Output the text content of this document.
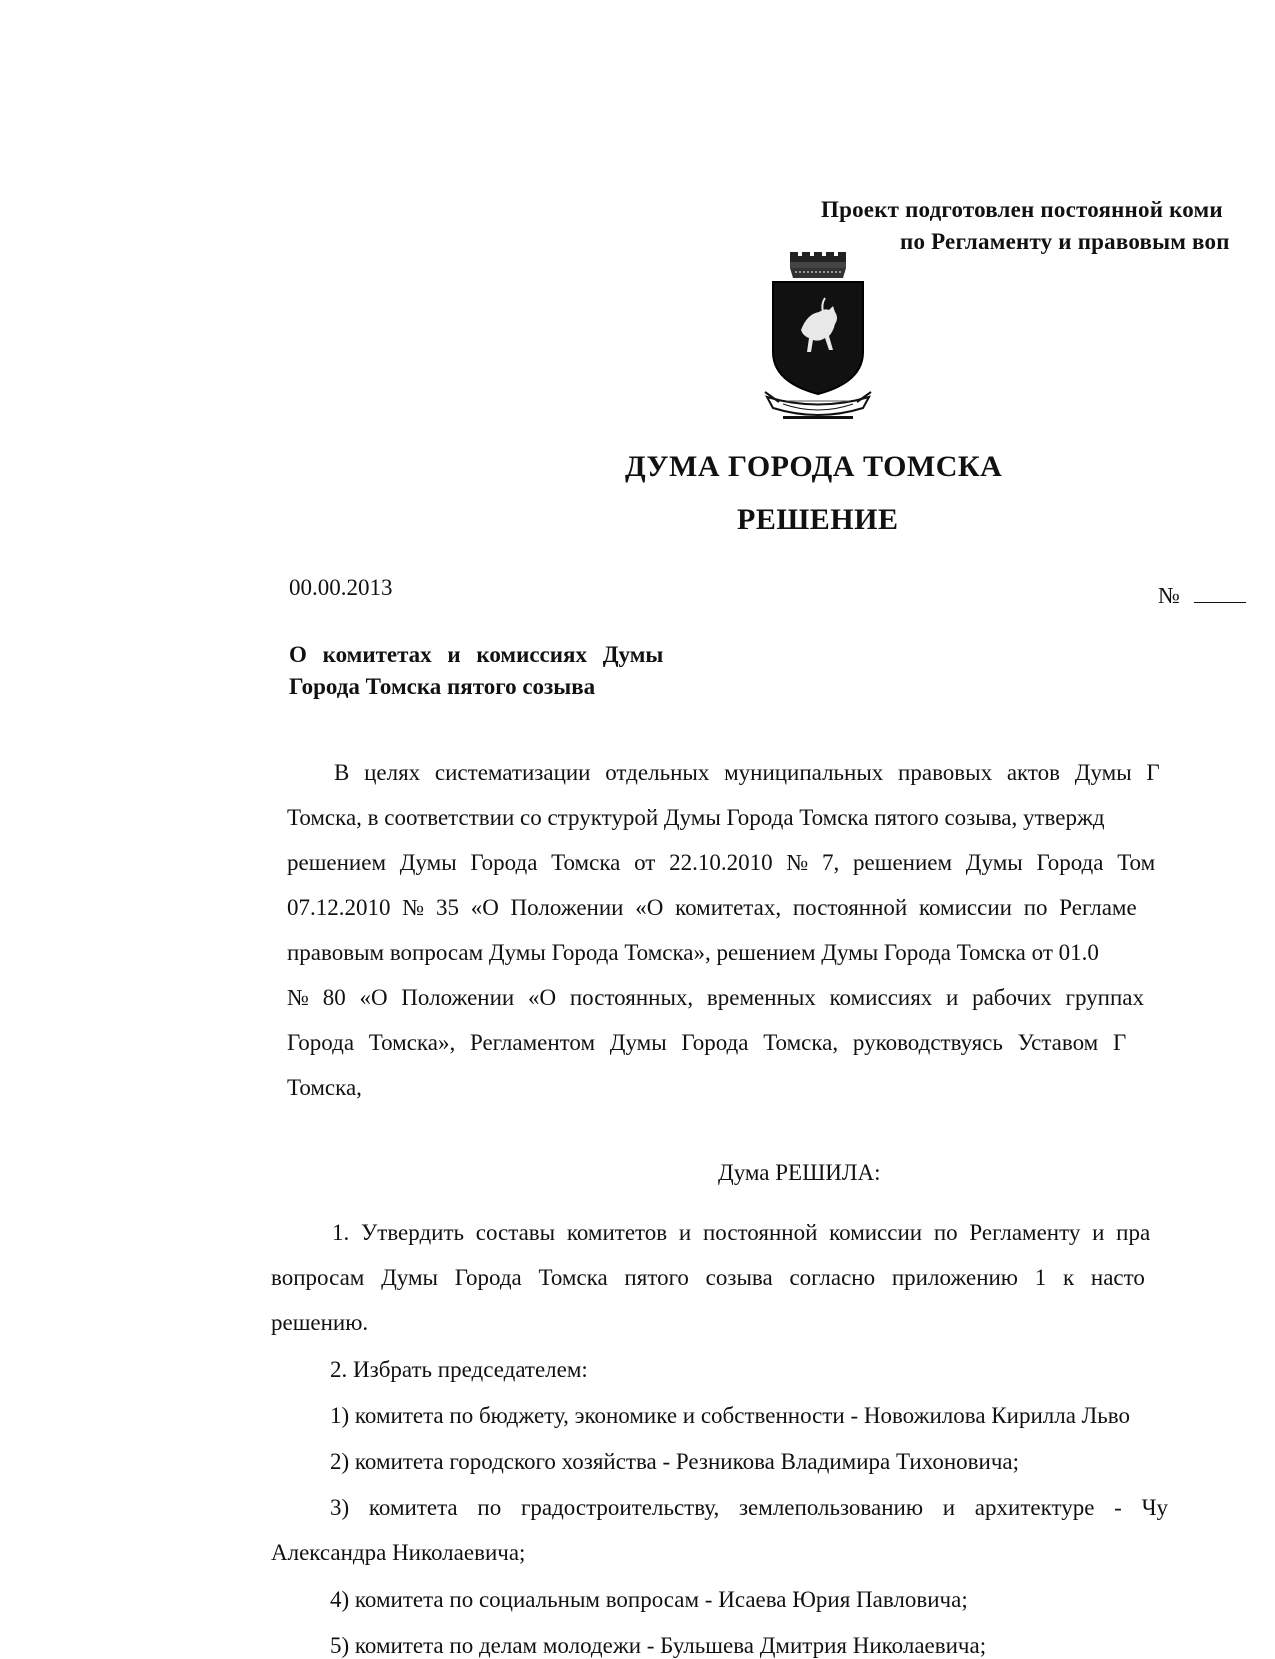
Проект подготовлен постоянной коми
по Регламенту и правовым воп
ДУМА ГОРОДА ТОМСКА
РЕШЕНИЕ
00.00.2013	№
О комитетах и комиссиях Думы
Города Томска пятого созыва
В целях систематизации отдельных муниципальных правовых актов Думы Г
Томска, в соответствии со структурой Думы Города Томска пятого созыва, утвержд
решением Думы Города Томска от 22.10.2010 № 7, решением Думы Города Том
07.12.2010 № 35 «О Положении «О комитетах, постоянной комиссии по Регламе
правовым вопросам Думы Города Томска», решением Думы Города Томска от 01.0
№ 80 «О Положении «О постоянных, временных комиссиях и рабочих группах
Города Томска», Регламентом Думы Города Томска, руководствуясь Уставом Г
Томска,
Дума РЕШИЛА:
1. Утвердить составы комитетов и постоянной комиссии по Регламенту и пра
вопросам Думы Города Томска пятого созыва согласно приложению 1 к насто
решению.
2. Избрать председателем:
1) комитета по бюджету, экономике и собственности - Новожилова Кирилла Льво
2) комитета городского хозяйства - Резникова Владимира Тихоновича;
3) комитета по градостроительству, землепользованию и архитектуре - Чу
Александра Николаевича;
4) комитета по социальным вопросам - Исаева Юрия Павловича;
5) комитета по делам молодежи - Бульшева Дмитрия Николаевича;
